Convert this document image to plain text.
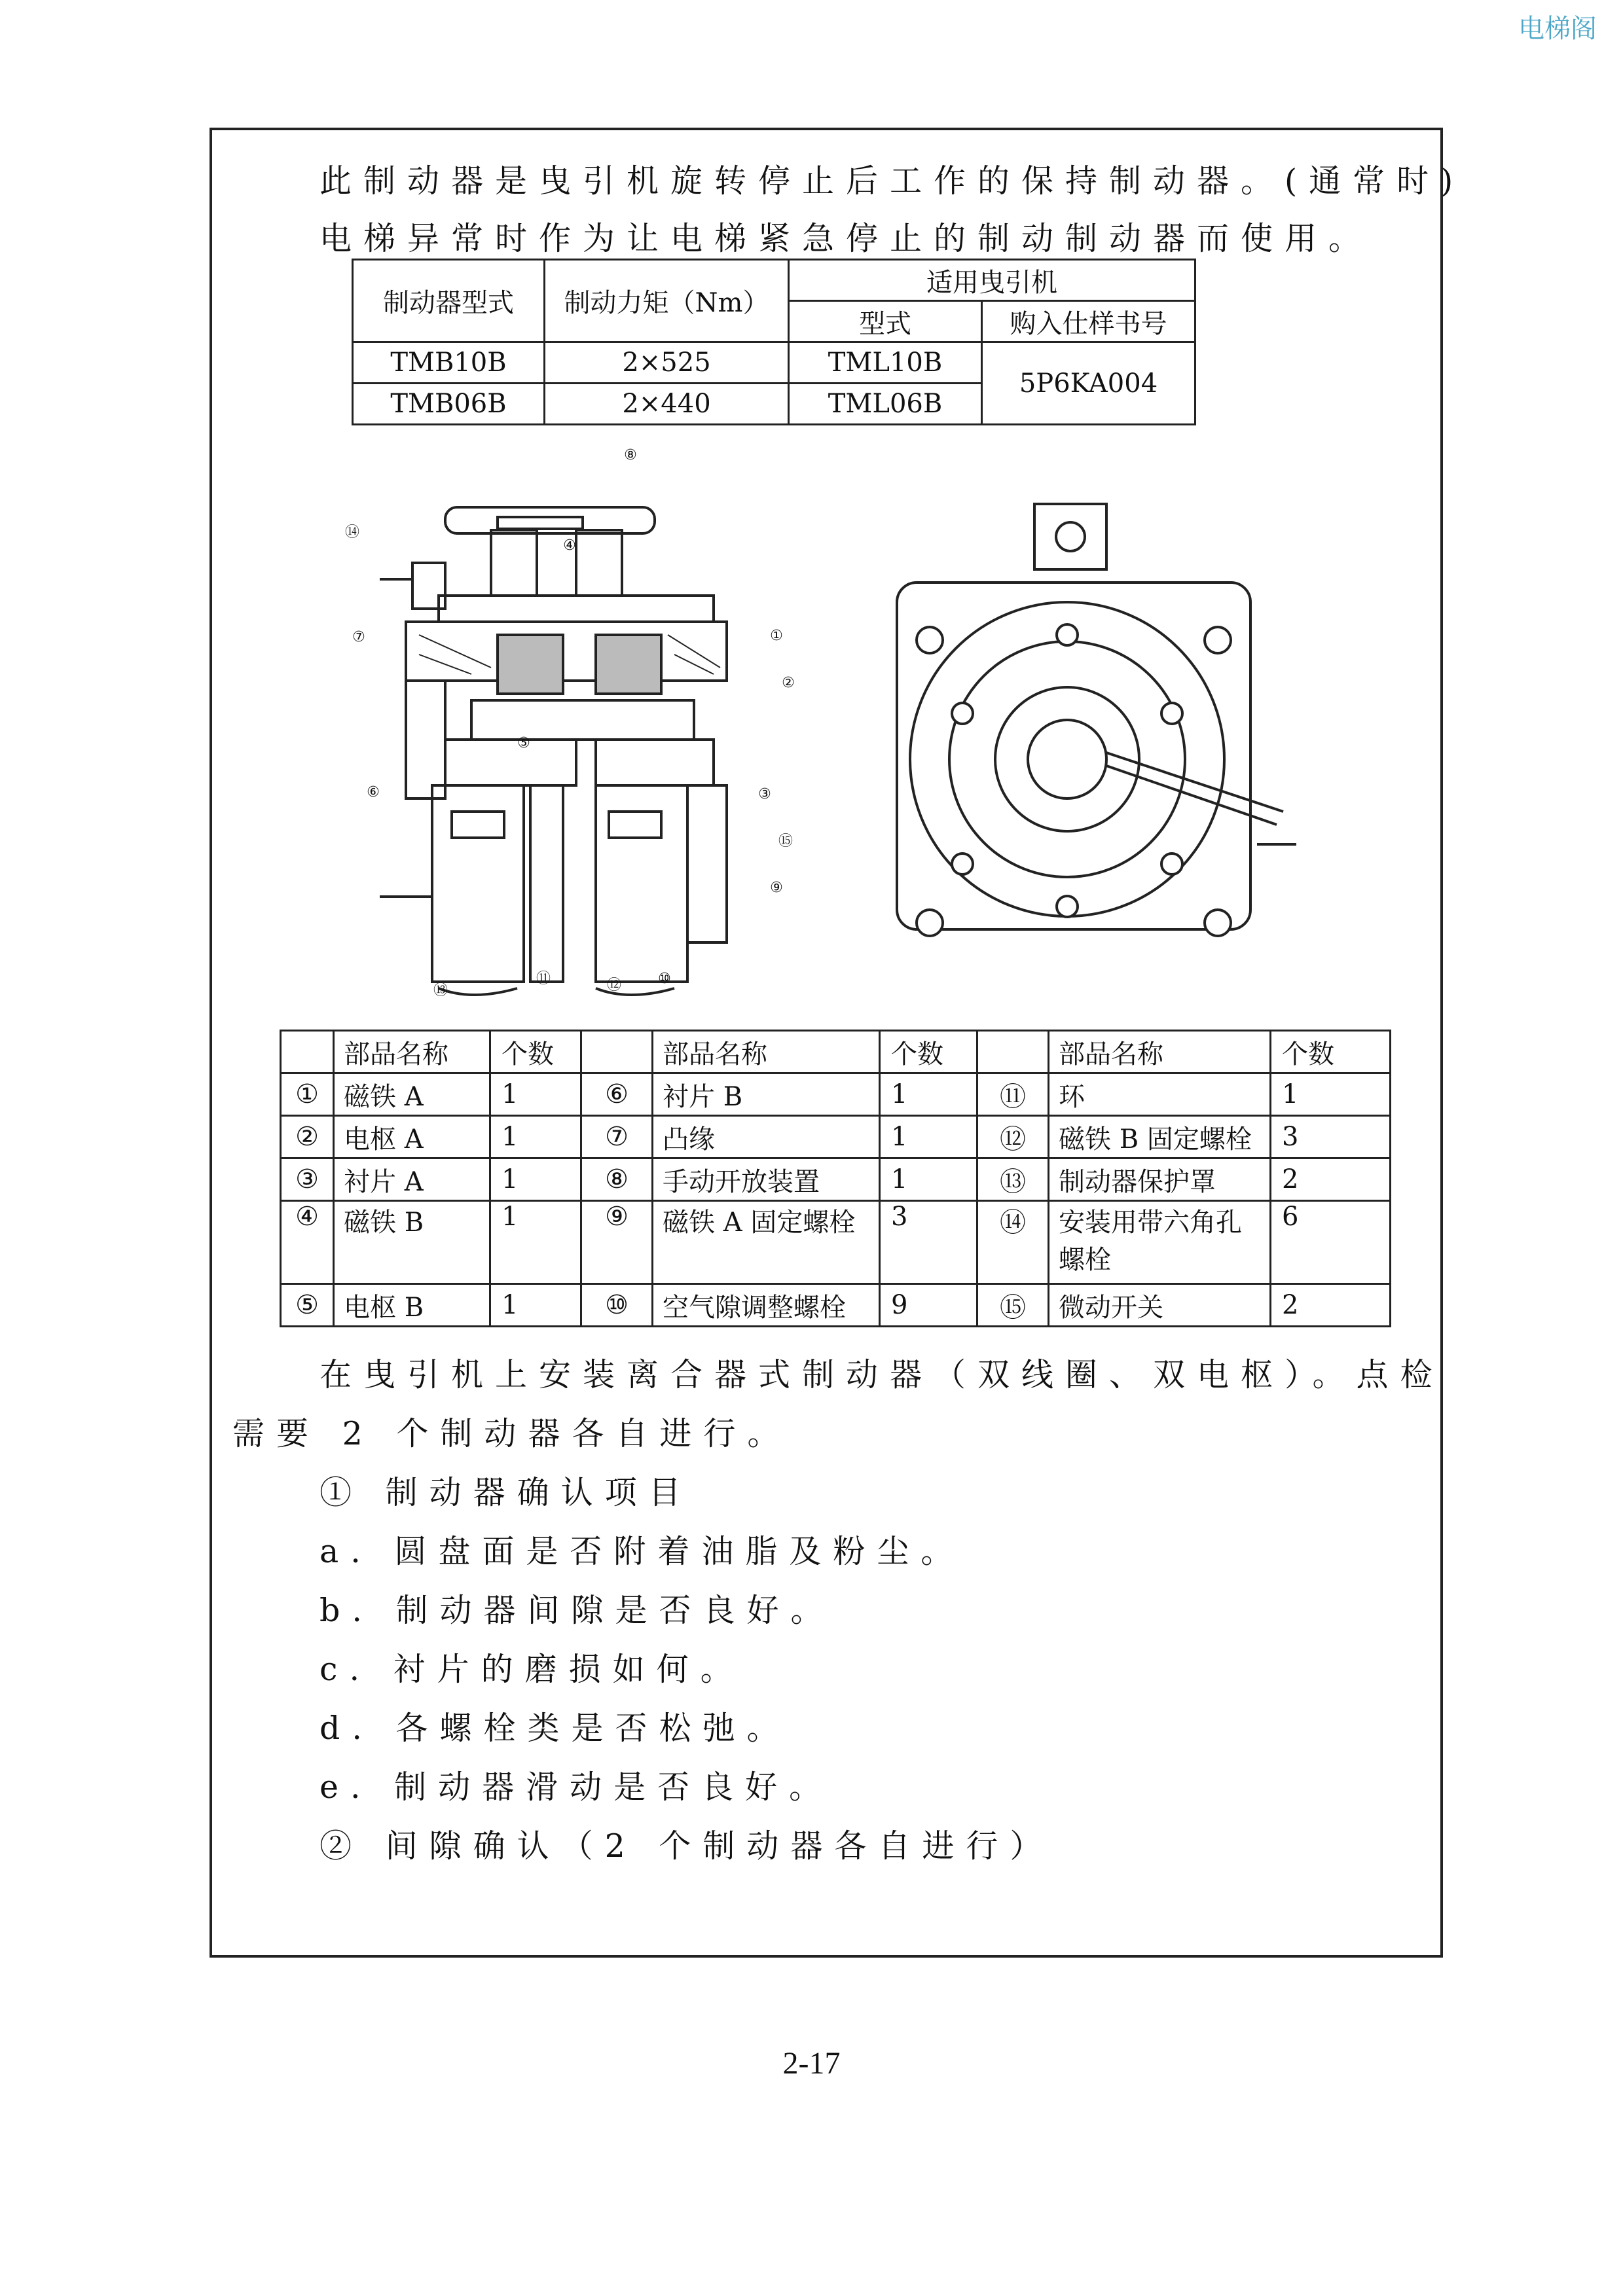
电梯阁
此制动器是曳引机旋转停止后工作的保持制动器。(通常时)
电梯异常时作为让电梯紧急停止的制动制动器而使用。
制动器型式	制动力矩（Nm）	适用曳引机	
		型式	购入仕样书号
TMB10B	2×525	TML10B	5P6KA004
TMB06B	2×440	TML06B	
⑧
④
⑭
⑦	①
②
⑤
⑥	③
⑮
⑨
⑪	⑫	⑩
⑬
	部品名称	个数		部品名称	个数		部品名称	个数
①	磁铁 A	1	⑥	衬片 B	1	⑪	环	1
②	电枢 A	1	⑦	凸缘	1	⑫	磁铁 B 固定螺栓	3
③	衬片 A	1	⑧	手动开放装置	1	⑬	制动器保护罩	2
④	磁铁 B	1	⑨	磁铁 A 固定螺栓	3	⑭	安装用带六角孔
螺栓	6
⑤	电枢 B	1	⑩	空气隙调整螺栓	9	⑮	微动开关	2
在曳引机上安装离合器式制动器（双线圈、双电枢）。点检
需要 2 个制动器各自进行。
① 制动器确认项目
a. 圆盘面是否附着油脂及粉尘。
b. 制动器间隙是否良好。
c. 衬片的磨损如何。
d. 各螺栓类是否松弛。
e. 制动器滑动是否良好。
② 间隙确认（2 个制动器各自进行）
2-17
